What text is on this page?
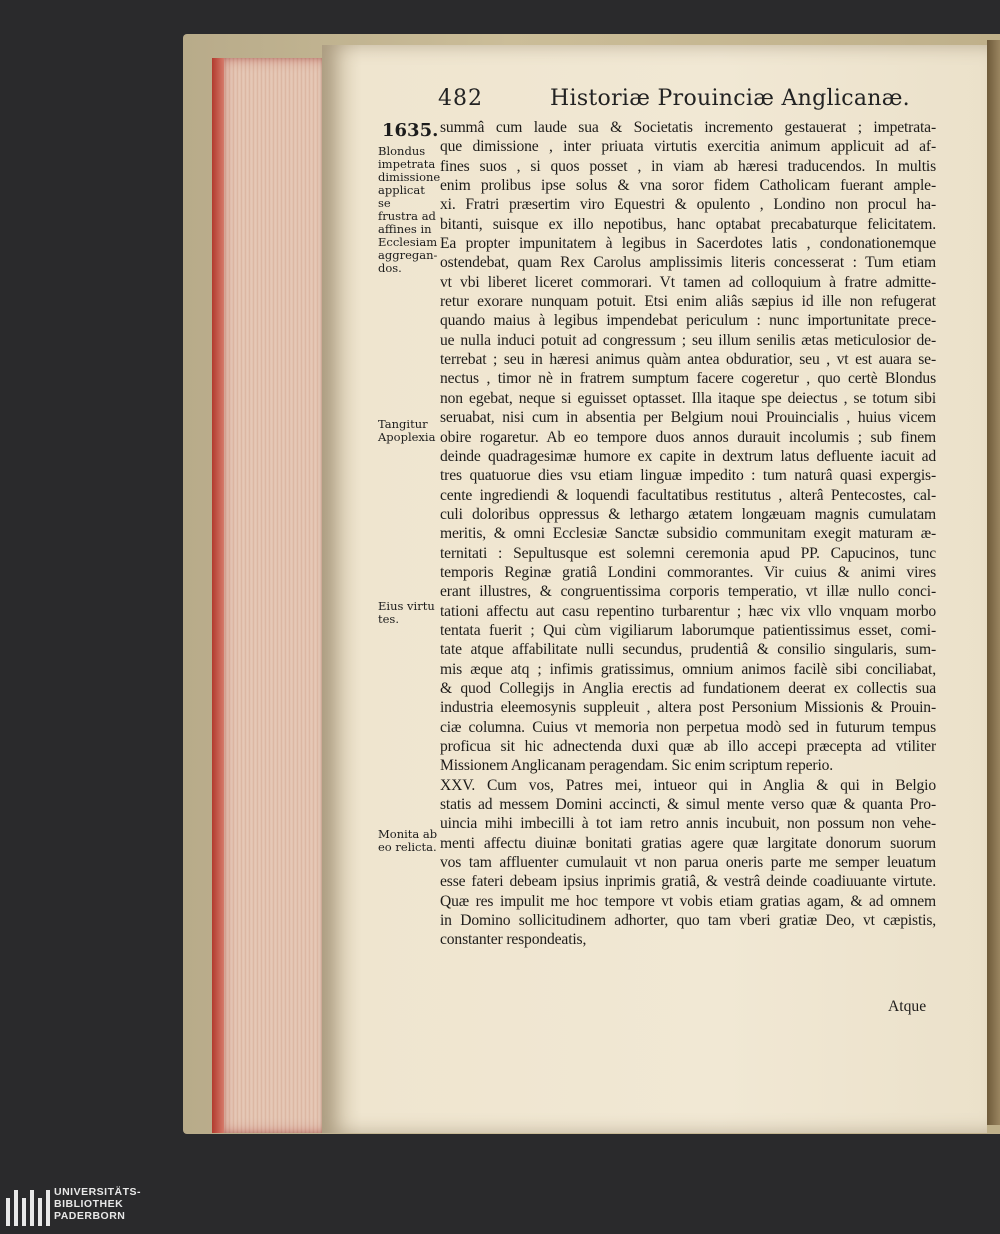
482	Historiæ Prouinciæ Anglicanæ.
1635.
Blondus
impetrata
dimissione
applicat se
frustra ad
affines in
Ecclesiam
aggregan-
dos.
Tangitur
Apoplexia
Eius virtu
tes.
Monita ab
eo relicta.
summâ cum laude sua & Societatis incremento gestauerat ; impetrata-
que dimissione , inter priuata virtutis exercitia animum applicuit ad af-
fines suos , si quos posset , in viam ab hæresi traducendos. In multis
enim prolibus ipse solus & vna soror fidem Catholicam fuerant ample-
xi. Fratri præsertim viro Equestri & opulento , Londino non procul ha-
bitanti, suisque ex illo nepotibus, hanc optabat precabaturque felicitatem.
Ea propter impunitatem à legibus in Sacerdotes latis , condonationemque
ostendebat, quam Rex Carolus amplissimis literis concesserat : Tum etiam
vt vbi liberet liceret commorari. Vt tamen ad colloquium à fratre admitte-
retur exorare nunquam potuit. Etsi enim aliâs sæpius id ille non refugerat
quando maius à legibus impendebat periculum : nunc importunitate prece-
ue nulla induci potuit ad congressum ; seu illum senilis ætas meticulosior de-
terrebat ; seu in hæresi animus quàm antea obduratior, seu , vt est auara se-
nectus , timor nè in fratrem sumptum facere cogeretur , quo certè Blondus
non egebat, neque si eguisset optasset. Illa itaque spe deiectus , se totum sibi
seruabat, nisi cum in absentia per Belgium noui Prouincialis , huius vicem
obire rogaretur. Ab eo tempore duos annos durauit incolumis ; sub finem
deinde quadragesimæ humore ex capite in dextrum latus defluente iacuit ad
tres quatuorue dies vsu etiam linguæ impedito : tum naturâ quasi expergis-
cente ingrediendi & loquendi facultatibus restitutus , alterâ Pentecostes, cal-
culi doloribus oppressus & lethargo ætatem longæuam magnis cumulatam
meritis, & omni Ecclesiæ Sanctæ subsidio communitam exegit maturam æ-
ternitati : Sepultusque est solemni ceremonia apud PP. Capucinos, tunc
temporis Reginæ gratiâ Londini commorantes. Vir cuius & animi vires
erant illustres, & congruentissima corporis temperatio, vt illæ nullo conci-
tationi affectu aut casu repentino turbarentur ; hæc vix vllo vnquam morbo
tentata fuerit ; Qui cùm vigiliarum laborumque patientissimus esset, comi-
tate atque affabilitate nulli secundus, prudentiâ & consilio singularis, sum-
mis æque atq ; infimis gratissimus, omnium animos facilè sibi conciliabat,
& quod Collegijs in Anglia erectis ad fundationem deerat ex collectis sua
industria eleemosynis suppleuit , altera post Personium Missionis & Prouin-
ciæ columna. Cuius vt memoria non perpetua modò sed in futurum tempus
proficua sit hic adnectenda duxi quæ ab illo accepi præcepta ad vtiliter
Missionem Anglicanam peragendam. Sic enim scriptum reperio.
XXV. Cum vos, Patres mei, intueor qui in Anglia & qui in Belgio
statis ad messem Domini accincti, & simul mente verso quæ & quanta Pro-
uincia mihi imbecilli à tot iam retro annis incubuit, non possum non vehe-
menti affectu diuinæ bonitati gratias agere quæ largitate donorum suorum
vos tam affluenter cumulauit vt non parua oneris parte me semper leuatum
esse fateri debeam ipsius inprimis gratiâ, & vestrâ deinde coadiuuante virtute.
Quæ res impulit me hoc tempore vt vobis etiam gratias agam, & ad omnem
in Domino sollicitudinem adhorter, quo tam vberi gratiæ Deo, vt cæpistis,
constanter respondeatis,
Atque
UNIVERSITÄTS-
BIBLIOTHEK
PADERBORN
